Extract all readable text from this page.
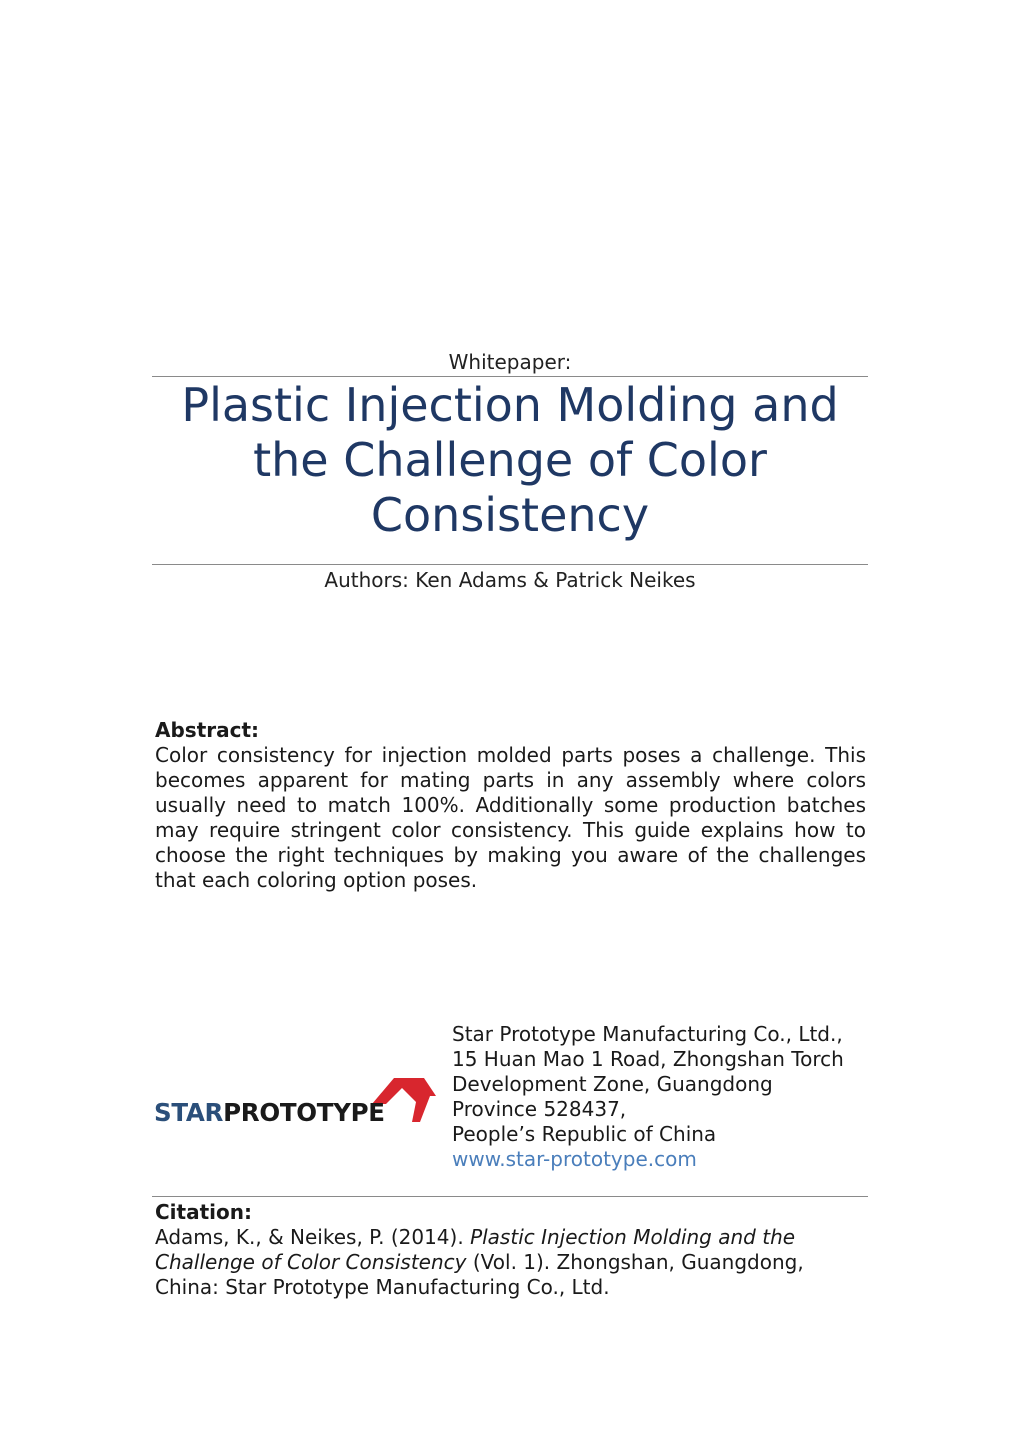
Whitepaper:
Plastic Injection Molding and
the Challenge of Color
Consistency
Authors: Ken Adams & Patrick Neikes
Abstract:
Color consistency for injection molded parts poses a challenge. This becomes apparent for mating parts in any assembly where colors usually need to match 100%. Additionally some production batches may require stringent color consistency. This guide explains how to choose the right techniques by making you aware of the challenges that each coloring option poses.
STARPROTOTYPE
Star Prototype Manufacturing Co., Ltd.,
15 Huan Mao 1 Road, Zhongshan Torch
Development Zone, Guangdong
Province 528437,
People’s Republic of China
www.star-prototype.com
Citation:
Adams, K., & Neikes, P. (2014). Plastic Injection Molding and the Challenge of Color Consistency (Vol. 1). Zhongshan, Guangdong, China: Star Prototype Manufacturing Co., Ltd.
